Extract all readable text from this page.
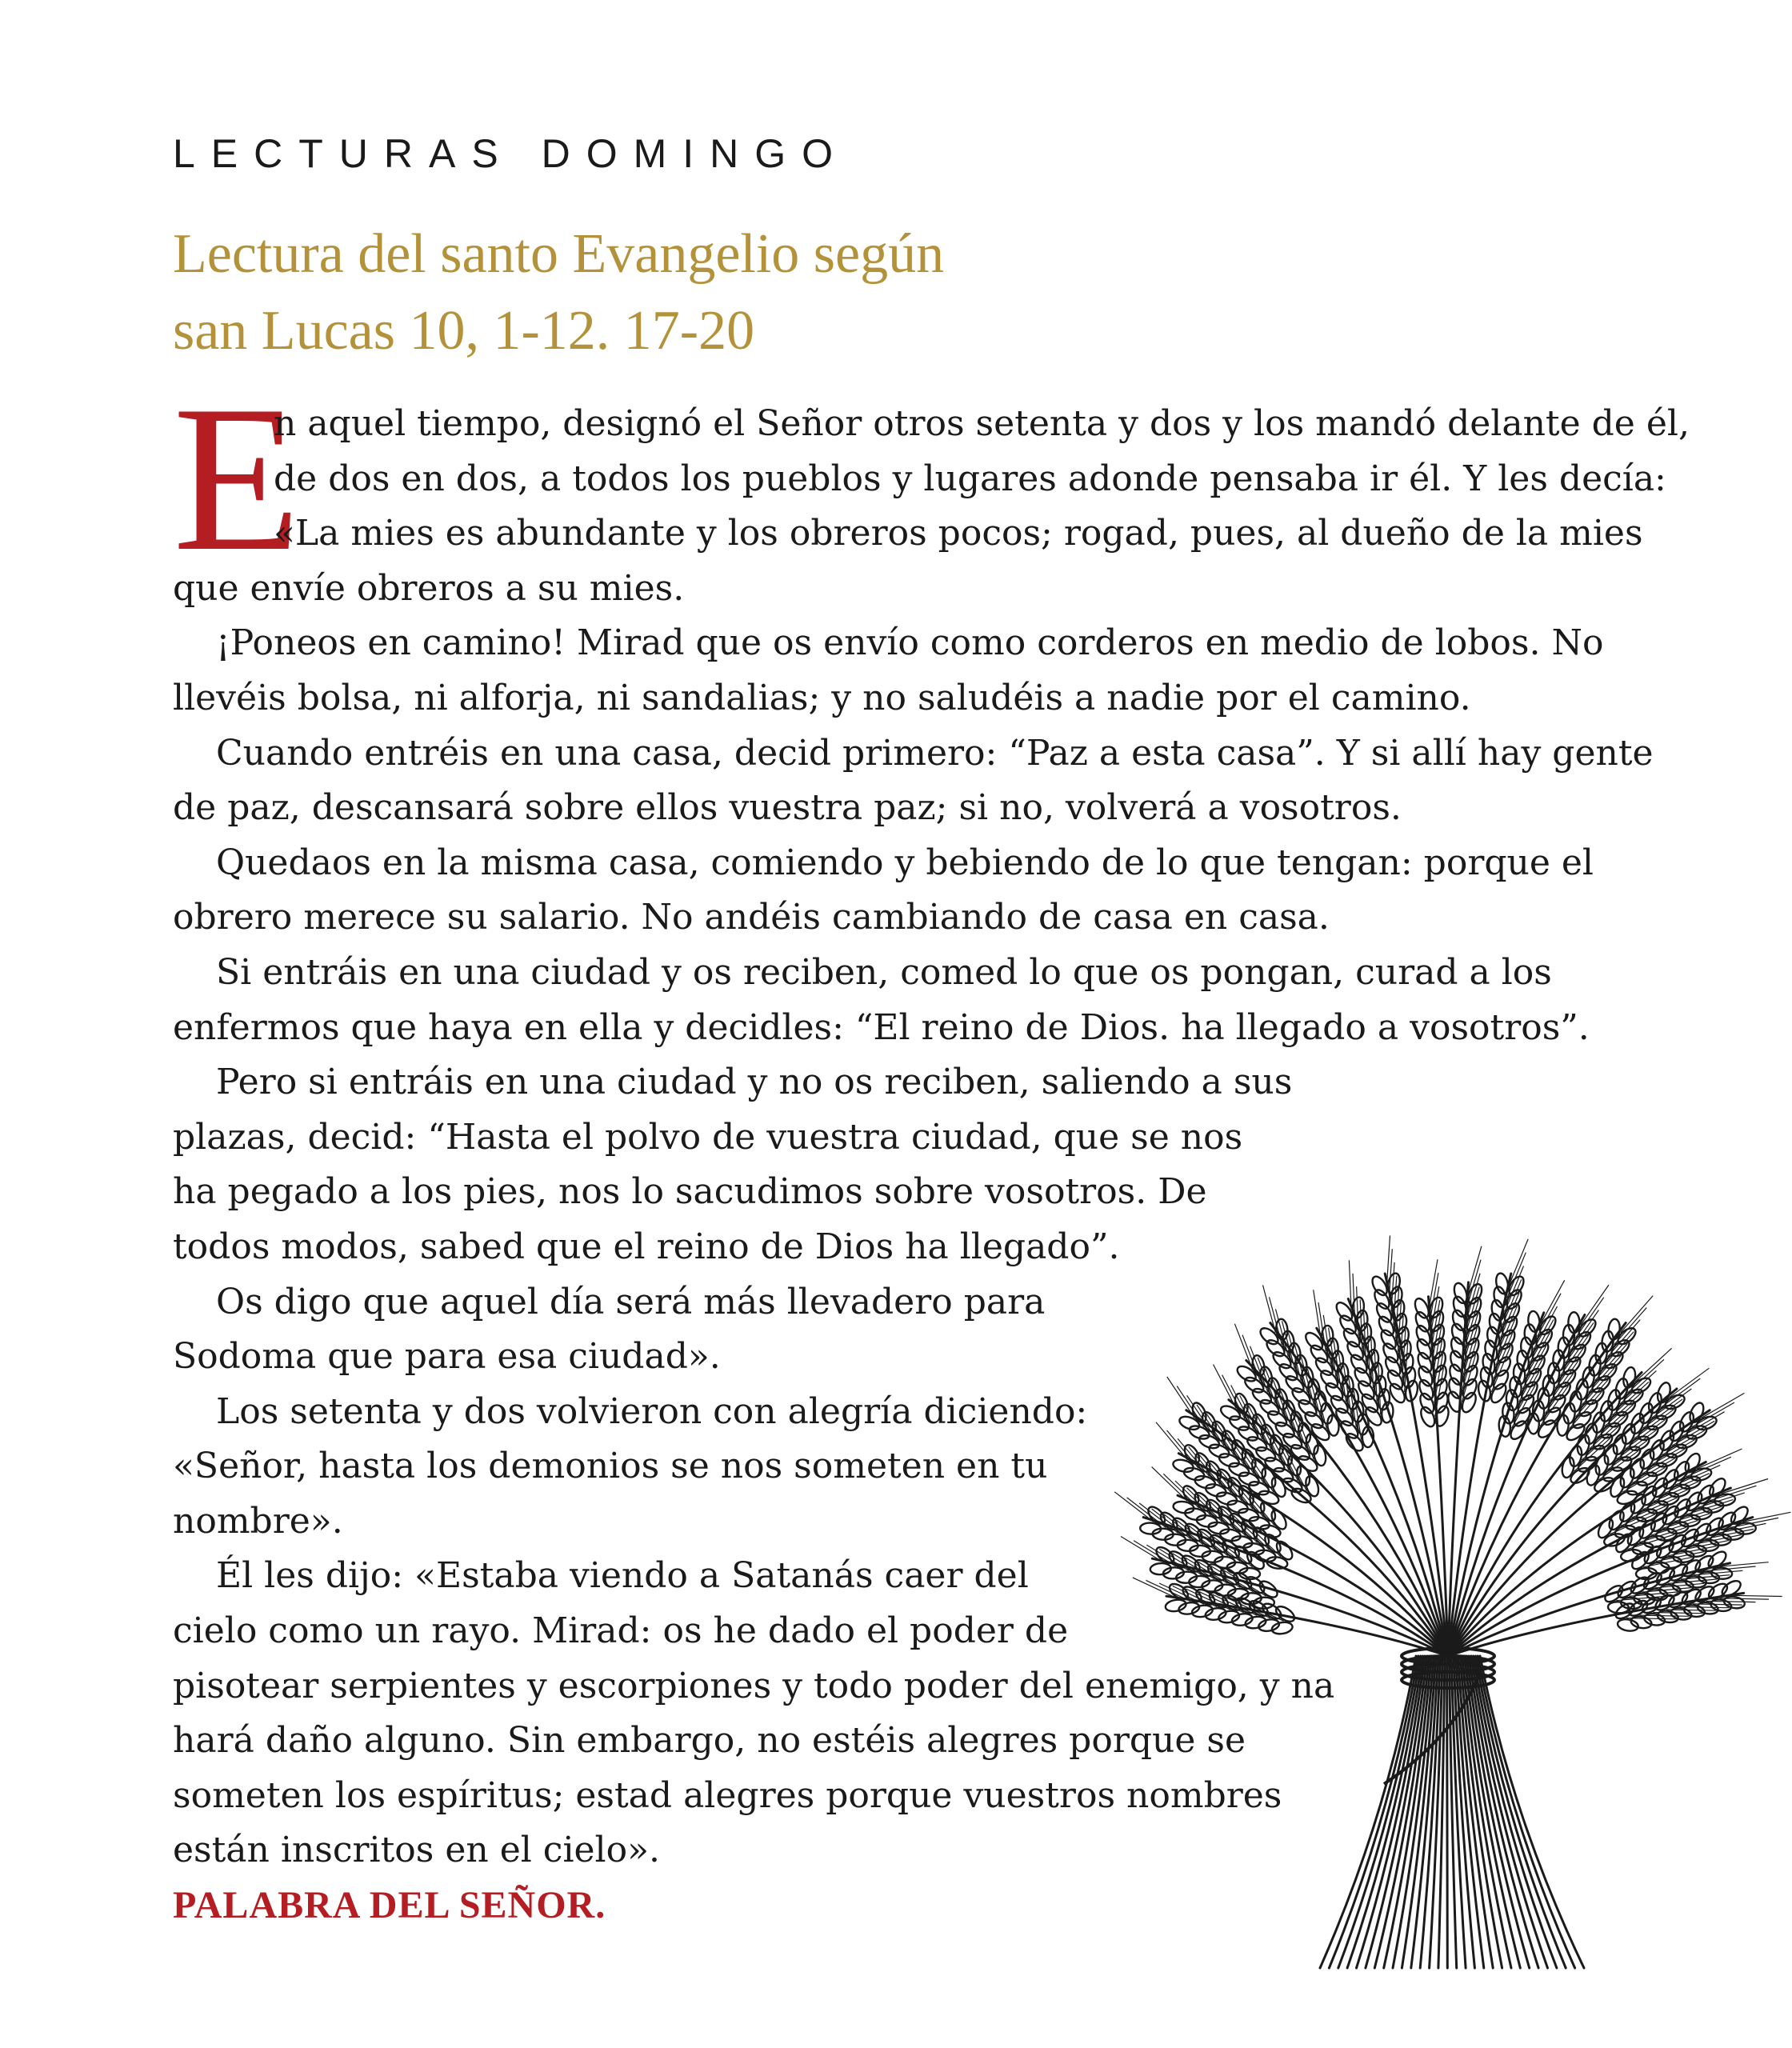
LECTURAS DOMINGO
Lectura del santo Evangelio según
san Lucas 10, 1-12. 17-20
E
n aquel tiempo, designó el Señor otros setenta y dos y los mandó delante de él,
de dos en dos, a todos los pueblos y lugares adonde pensaba ir él. Y les decía:
«La mies es abundante y los obreros pocos; rogad, pues, al dueño de la mies
que envíe obreros a su mies.
¡Poneos en camino! Mirad que os envío como corderos en medio de lobos. No
llevéis bolsa, ni alforja, ni sandalias; y no saludéis a nadie por el camino.
Cuando entréis en una casa, decid primero: “Paz a esta casa”. Y si allí hay gente
de paz, descansará sobre ellos vuestra paz; si no, volverá a vosotros.
Quedaos en la misma casa, comiendo y bebiendo de lo que tengan: porque el
obrero merece su salario. No andéis cambiando de casa en casa.
Si entráis en una ciudad y os reciben, comed lo que os pongan, curad a los
enfermos que haya en ella y decidles: “El reino de Dios. ha llegado a vosotros”.
Pero si entráis en una ciudad y no os reciben, saliendo a sus
plazas, decid: “Hasta el polvo de vuestra ciudad, que se nos
ha pegado a los pies, nos lo sacudimos sobre vosotros. De
todos modos, sabed que el reino de Dios ha llegado”.
Os digo que aquel día será más llevadero para
Sodoma que para esa ciudad».
Los setenta y dos volvieron con alegría diciendo:
«Señor, hasta los demonios se nos someten en tu
nombre».
Él les dijo: «Estaba viendo a Satanás caer del
cielo como un rayo. Mirad: os he dado el poder de
pisotear serpientes y escorpiones y todo poder del enemigo, y na
hará daño alguno. Sin embargo, no estéis alegres porque se
someten los espíritus; estad alegres porque vuestros nombres
están inscritos en el cielo».
PALABRA DEL SEÑOR.
